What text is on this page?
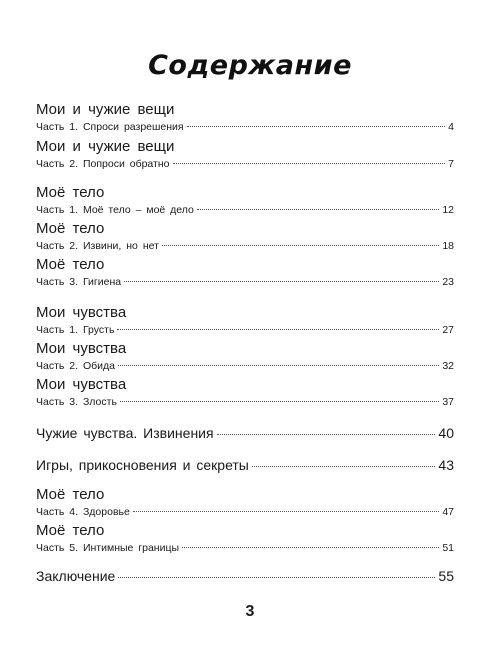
Содержание
Мои и чужие вещи
Часть 1. Спроси разрешения	4
Мои и чужие вещи
Часть 2. Попроси обратно	7
Моё тело
Часть 1. Моё тело – моё дело	12
Моё тело
Часть 2. Извини, но нет	18
Моё тело
Часть 3. Гигиена	23
Мои чувства
Часть 1. Грусть	27
Мои чувства
Часть 2. Обида	32
Мои чувства
Часть 3. Злость	37
Чужие чувства. Извинения	40
Игры, прикосновения и секреты	43
Моё тело
Часть 4. Здоровье	47
Моё тело
Часть 5. Интимные границы	51
Заключение	55
3
